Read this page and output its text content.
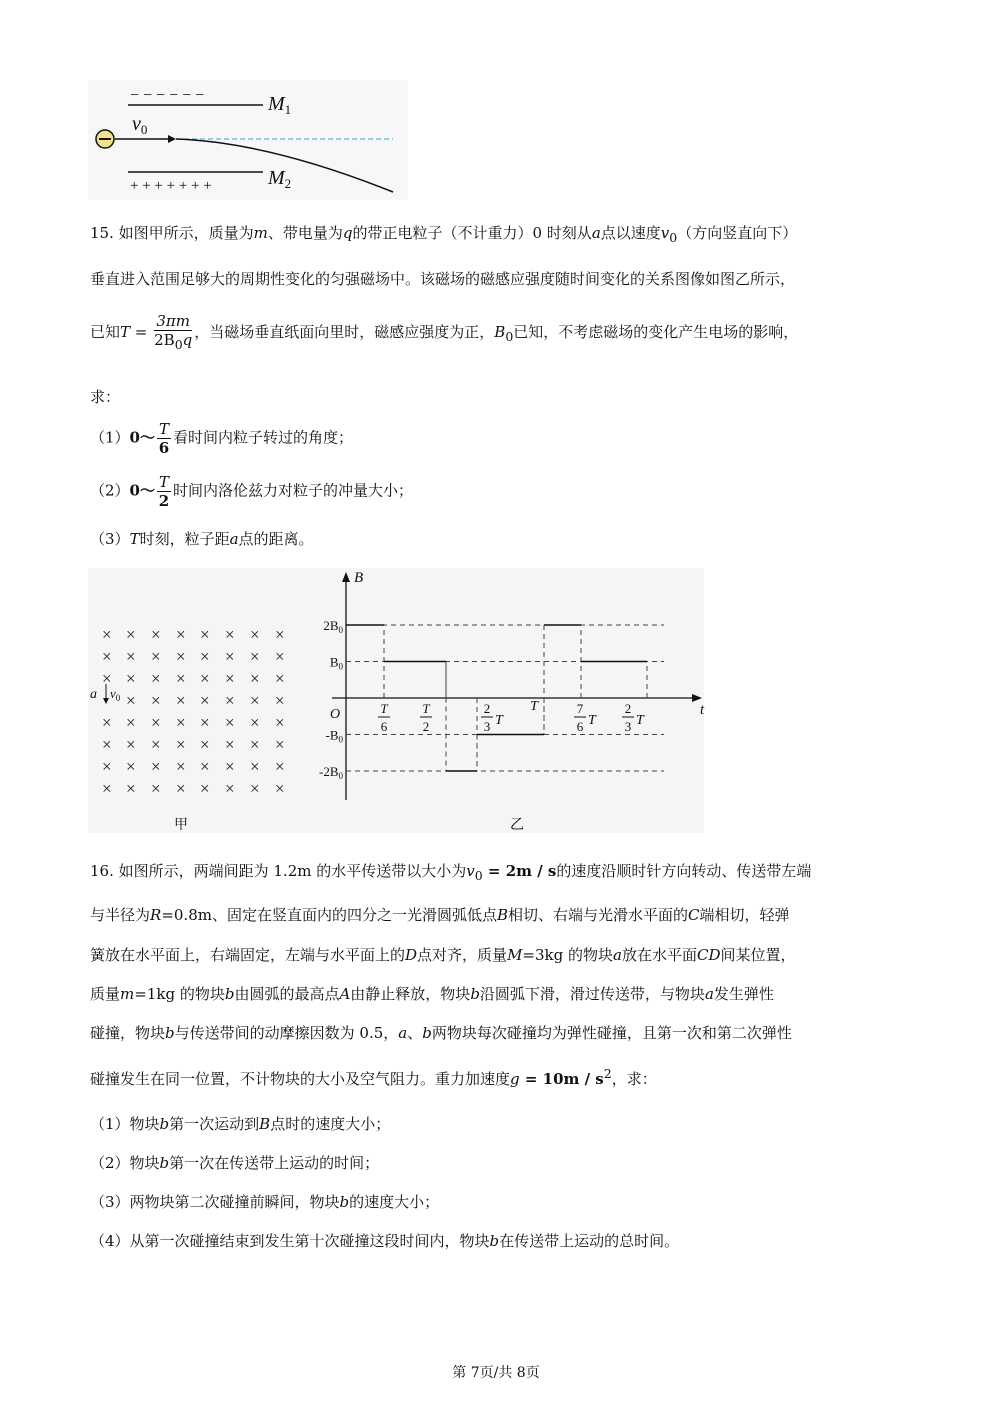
− − − − − −	$M_1$
$v_0$
+ + + + + + +	$M_2$
15. 如图甲所示，质量为m、带电量为q的带正电粒子（不计重力）0 时刻从a点以速度$v_0$（方向竖直向下）
垂直进入范围足够大的周期性变化的匀强磁场中。该磁场的磁感应强度随时间变化的关系图像如图乙所示，
已知$T = \frac{3\pi m}{2B_0q}$ ，当磁场垂直纸面向里时，磁感应强度为正，$B_0$已知，不考虑磁场的变化产生电场的影响，
求：
（1）0～ $\frac{T}{6}$ 看时间内粒子转过的角度；
（2）0～ $\frac{T}{2}$ 时间内洛伦兹力对粒子的冲量大小；
（3）T时刻，粒子距a点的距离。
× × × × × × × ×
× × × × × × × ×
× × × × × × × ×
× × × × × × ×
× × × × × × × ×
× × × × × × × ×
× × × × × × × ×
× × × × × × × ×
a $v_0$
甲
B
t
O
$2B_0$
$B_0$
$-B_0$
$-2B_0$
T
6
T
2
2
3 T
T	7
6 T
2
3 T
乙
16. 如图所示，两端间距为 1.2m 的水平传送带以大小为$v_0 = 2m / s$的速度沿顺时针方向转动、传送带左端
与半径为R=0.8m、固定在竖直面内的四分之一光滑圆弧低点B相切、右端与光滑水平面的C端相切，轻弹
簧放在水平面上，右端固定，左端与水平面上的D点对齐，质量M=3kg 的物块a放在水平面CD间某位置，
质量m=1kg 的物块b由圆弧的最高点A由静止释放，物块b沿圆弧下滑，滑过传送带，与物块a发生弹性
碰撞，物块b与传送带间的动摩擦因数为 0.5，a、b两物块每次碰撞均为弹性碰撞，且第一次和第二次弹性
碰撞发生在同一位置，不计物块的大小及空气阻力。重力加速度$g = 10m / s^2$，求：
（1）物块b第一次运动到B点时的速度大小；
（2）物块b第一次在传送带上运动的时间；
（3）两物块第二次碰撞前瞬间，物块b的速度大小；
（4）从第一次碰撞结束到发生第十次碰撞这段时间内，物块b在传送带上运动的总时间。
第 7页/共 8页
